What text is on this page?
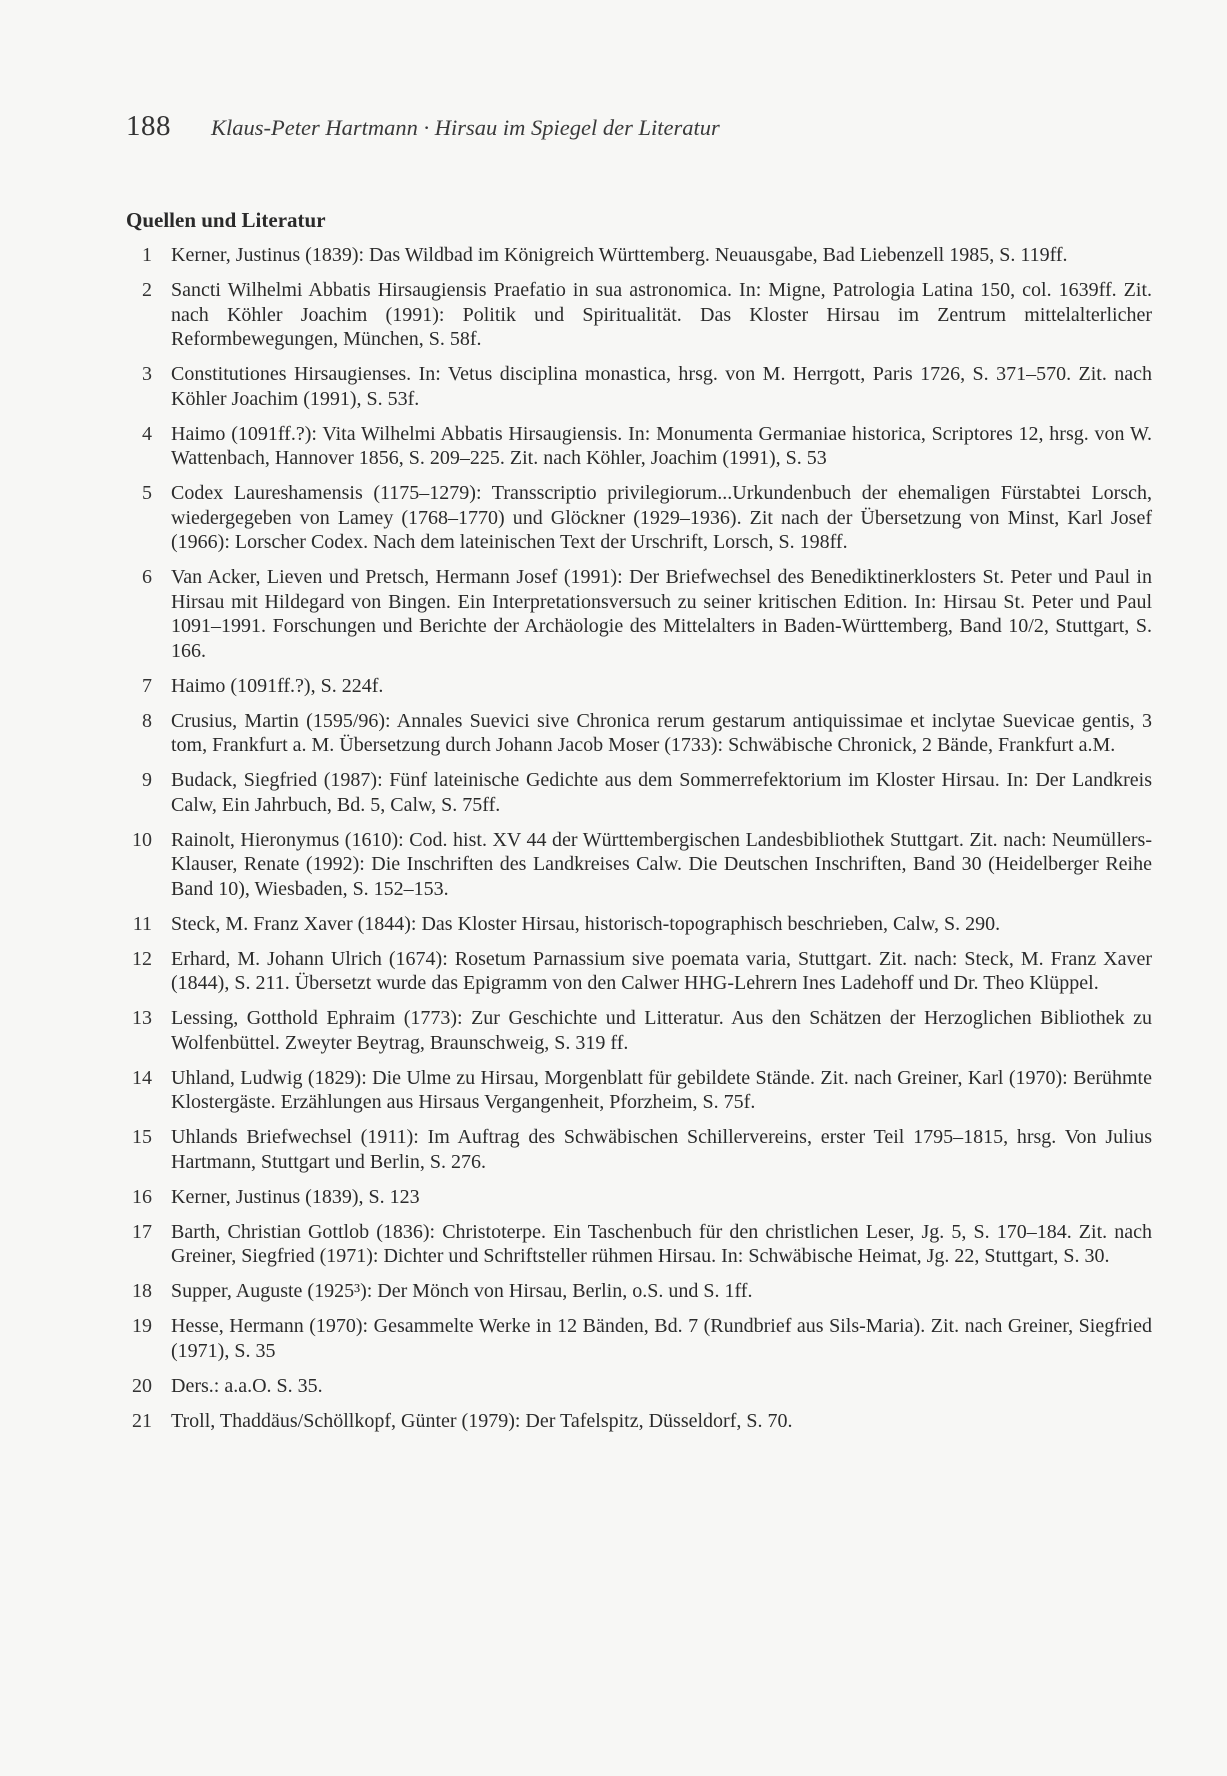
188 Klaus-Peter Hartmann · Hirsau im Spiegel der Literatur
Quellen und Literatur
1 Kerner, Justinus (1839): Das Wildbad im Königreich Württemberg. Neuausgabe, Bad Liebenzell 1985, S. 119ff.
2 Sancti Wilhelmi Abbatis Hirsaugiensis Praefatio in sua astronomica. In: Migne, Patrologia Latina 150, col. 1639ff. Zit. nach Köhler Joachim (1991): Politik und Spiritualität. Das Kloster Hirsau im Zentrum mittelalterlicher Reformbewegungen, München, S. 58f.
3 Constitutiones Hirsaugienses. In: Vetus disciplina monastica, hrsg. von M. Herrgott, Paris 1726, S. 371–570. Zit. nach Köhler Joachim (1991), S. 53f.
4 Haimo (1091ff.?): Vita Wilhelmi Abbatis Hirsaugiensis. In: Monumenta Germaniae historica, Scriptores 12, hrsg. von W. Wattenbach, Hannover 1856, S. 209–225. Zit. nach Köhler, Joachim (1991), S. 53
5 Codex Laureshamensis (1175–1279): Transscriptio privilegiorum...Urkundenbuch der ehemaligen Fürstabtei Lorsch, wiedergegeben von Lamey (1768–1770) und Glöckner (1929–1936). Zit nach der Übersetzung von Minst, Karl Josef (1966): Lorscher Codex. Nach dem lateinischen Text der Urschrift, Lorsch, S. 198ff.
6 Van Acker, Lieven und Pretsch, Hermann Josef (1991): Der Briefwechsel des Benediktinerklosters St. Peter und Paul in Hirsau mit Hildegard von Bingen. Ein Interpretationsversuch zu seiner kritischen Edition. In: Hirsau St. Peter und Paul 1091–1991. Forschungen und Berichte der Archäologie des Mittelalters in Baden-Württemberg, Band 10/2, Stuttgart, S. 166.
7 Haimo (1091ff.?), S. 224f.
8 Crusius, Martin (1595/96): Annales Suevici sive Chronica rerum gestarum antiquissimae et inclytae Suevicae gentis, 3 tom, Frankfurt a. M. Übersetzung durch Johann Jacob Moser (1733): Schwäbische Chronick, 2 Bände, Frankfurt a.M.
9 Budack, Siegfried (1987): Fünf lateinische Gedichte aus dem Sommerrefektorium im Kloster Hirsau. In: Der Landkreis Calw, Ein Jahrbuch, Bd. 5, Calw, S. 75ff.
10 Rainolt, Hieronymus (1610): Cod. hist. XV 44 der Württembergischen Landesbibliothek Stuttgart. Zit. nach: Neumüllers-Klauser, Renate (1992): Die Inschriften des Landkreises Calw. Die Deutschen Inschriften, Band 30 (Heidelberger Reihe Band 10), Wiesbaden, S. 152–153.
11 Steck, M. Franz Xaver (1844): Das Kloster Hirsau, historisch-topographisch beschrieben, Calw, S. 290.
12 Erhard, M. Johann Ulrich (1674): Rosetum Parnassium sive poemata varia, Stuttgart. Zit. nach: Steck, M. Franz Xaver (1844), S. 211. Übersetzt wurde das Epigramm von den Calwer HHG-Lehrern Ines Ladehoff und Dr. Theo Klüppel.
13 Lessing, Gotthold Ephraim (1773): Zur Geschichte und Litteratur. Aus den Schätzen der Herzoglichen Bibliothek zu Wolfenbüttel. Zweyter Beytrag, Braunschweig, S. 319 ff.
14 Uhland, Ludwig (1829): Die Ulme zu Hirsau, Morgenblatt für gebildete Stände. Zit. nach Greiner, Karl (1970): Berühmte Klostergäste. Erzählungen aus Hirsaus Vergangenheit, Pforzheim, S. 75f.
15 Uhlands Briefwechsel (1911): Im Auftrag des Schwäbischen Schillervereins, erster Teil 1795–1815, hrsg. Von Julius Hartmann, Stuttgart und Berlin, S. 276.
16 Kerner, Justinus (1839), S. 123
17 Barth, Christian Gottlob (1836): Christoterpe. Ein Taschenbuch für den christlichen Leser, Jg. 5, S. 170–184. Zit. nach Greiner, Siegfried (1971): Dichter und Schriftsteller rühmen Hirsau. In: Schwäbische Heimat, Jg. 22, Stuttgart, S. 30.
18 Supper, Auguste (1925³): Der Mönch von Hirsau, Berlin, o.S. und S. 1ff.
19 Hesse, Hermann (1970): Gesammelte Werke in 12 Bänden, Bd. 7 (Rundbrief aus Sils-Maria). Zit. nach Greiner, Siegfried (1971), S. 35
20 Ders.: a.a.O. S. 35.
21 Troll, Thaddäus/Schöllkopf, Günter (1979): Der Tafelspitz, Düsseldorf, S. 70.
